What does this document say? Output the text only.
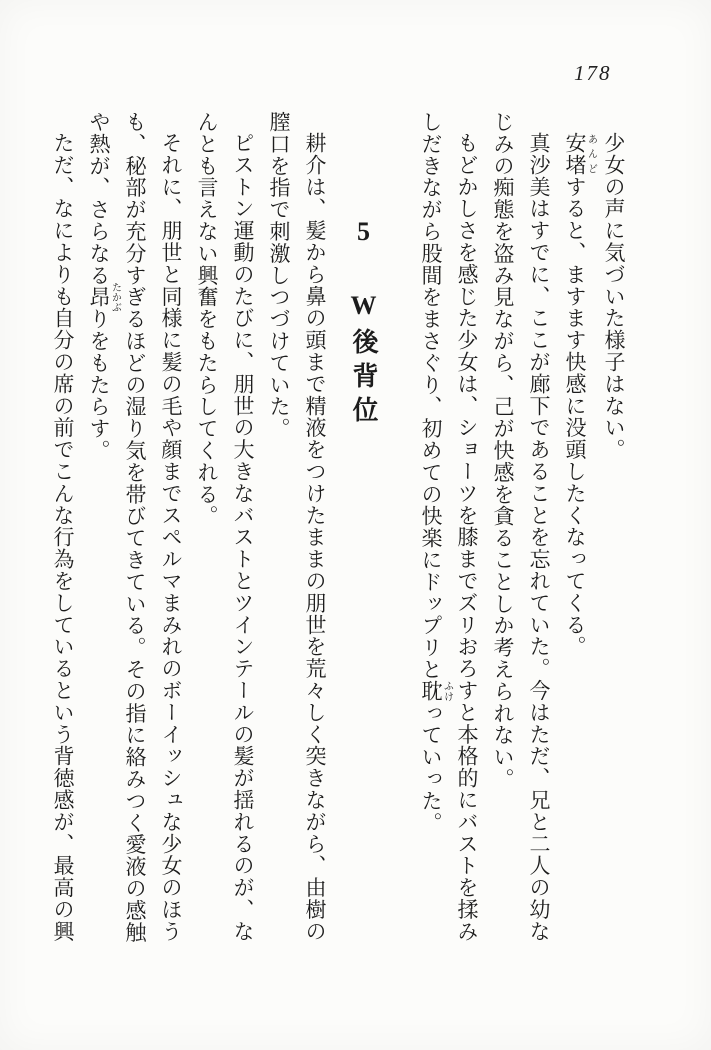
178

少女の声に気づいた様子はない。

安堵あんどすると、ますます快感に没頭したくなってくる。

真沙美はすでに、ここが廊下であることを忘れていた。今はただ、兄と二人の幼なじみの痴態を盗み見ながら、己が快感を貪ることしか考えられない。

もどかしさを感じた少女は、ショーツを膝までズリおろすと本格的にバストを揉みしだきながら股間をまさぐり、初めての快楽にドップリと耽ふけっていった。

5 W後背位

耕介は、髪から鼻の頭まで精液をつけたままの朋世を荒々しく突きながら、由樹の膣口を指で刺激しつづけていた。

ピストン運動のたびに、朋世の大きなバストとツインテールの髪が揺れるのが、なんとも言えない興奮をもたらしてくれる。

それに、朋世と同様に髪の毛や顔までスペルマまみれのボーイッシュな少女のほうも、秘部が充分すぎるほどの湿り気を帯びてきている。その指に絡みつく愛液の感触や熱が、さらなる昂たかぶりをもたらす。

ただ、なによりも自分の席の前でこんな行為をしているという背徳感が、最高の興
